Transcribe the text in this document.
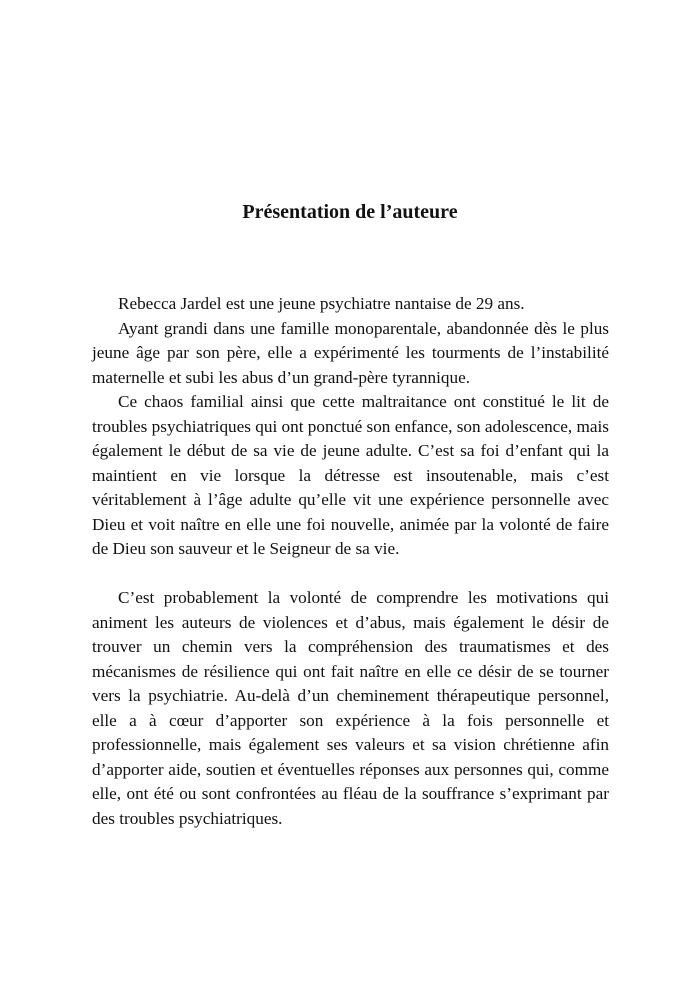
Présentation de l’auteure

Rebecca Jardel est une jeune psychiatre nantaise de 29 ans.

Ayant grandi dans une famille monoparentale, abandonnée dès le plus jeune âge par son père, elle a expérimenté les tourments de l’instabilité maternelle et subi les abus d’un grand-père tyrannique.

Ce chaos familial ainsi que cette maltraitance ont constitué le lit de troubles psychiatriques qui ont ponctué son enfance, son adolescence, mais également le début de sa vie de jeune adulte. C’est sa foi d’enfant qui la maintient en vie lorsque la détresse est insoutenable, mais c’est véritablement à l’âge adulte qu’elle vit une expérience personnelle avec Dieu et voit naître en elle une foi nouvelle, animée par la volonté de faire de Dieu son sauveur et le Seigneur de sa vie.

C’est probablement la volonté de comprendre les motivations qui animent les auteurs de violences et d’abus, mais également le désir de trouver un chemin vers la compréhension des traumatismes et des mécanismes de résilience qui ont fait naître en elle ce désir de se tourner vers la psychiatrie. Au-delà d’un cheminement thérapeutique personnel, elle a à cœur d’apporter son expérience à la fois personnelle et professionnelle, mais également ses valeurs et sa vision chrétienne afin d’apporter aide, soutien et éventuelles réponses aux personnes qui, comme elle, ont été ou sont confrontées au fléau de la souffrance s’exprimant par des troubles psychiatriques.
